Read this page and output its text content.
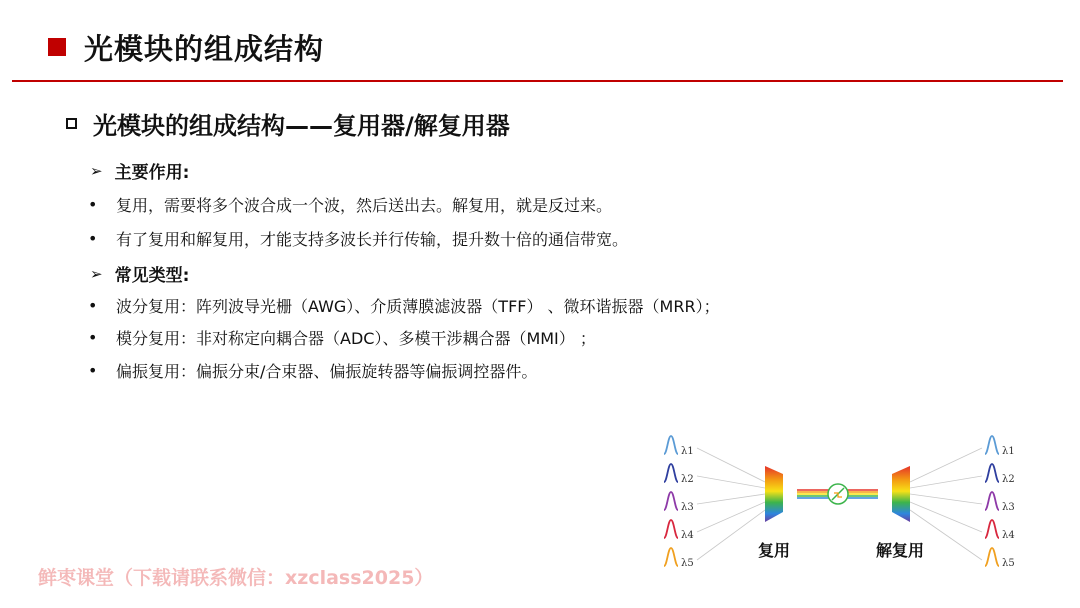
光模块的组成结构
光模块的组成结构——复用器/解复用器
➢ 主要作用:
•	复用，需要将多个波合成一个波，然后送出去。解复用，就是反过来。
•	有了复用和解复用，才能支持多波长并行传输，提升数十倍的通信带宽。
➢ 常见类型:
•	波分复用：阵列波导光栅（AWG）、介质薄膜滤波器（TFF） 、微环谐振器（MRR）；
•	模分复用：非对称定向耦合器（ADC）、多模干涉耦合器（MMI） ；
•	偏振复用：偏振分束/合束器、偏振旋转器等偏振调控器件。
复用	解复用
λ1
λ2
λ3
λ4
λ5
λ1
λ2
λ3
λ4
λ5
鲜枣课堂（下载请联系微信：xzclass2025）
